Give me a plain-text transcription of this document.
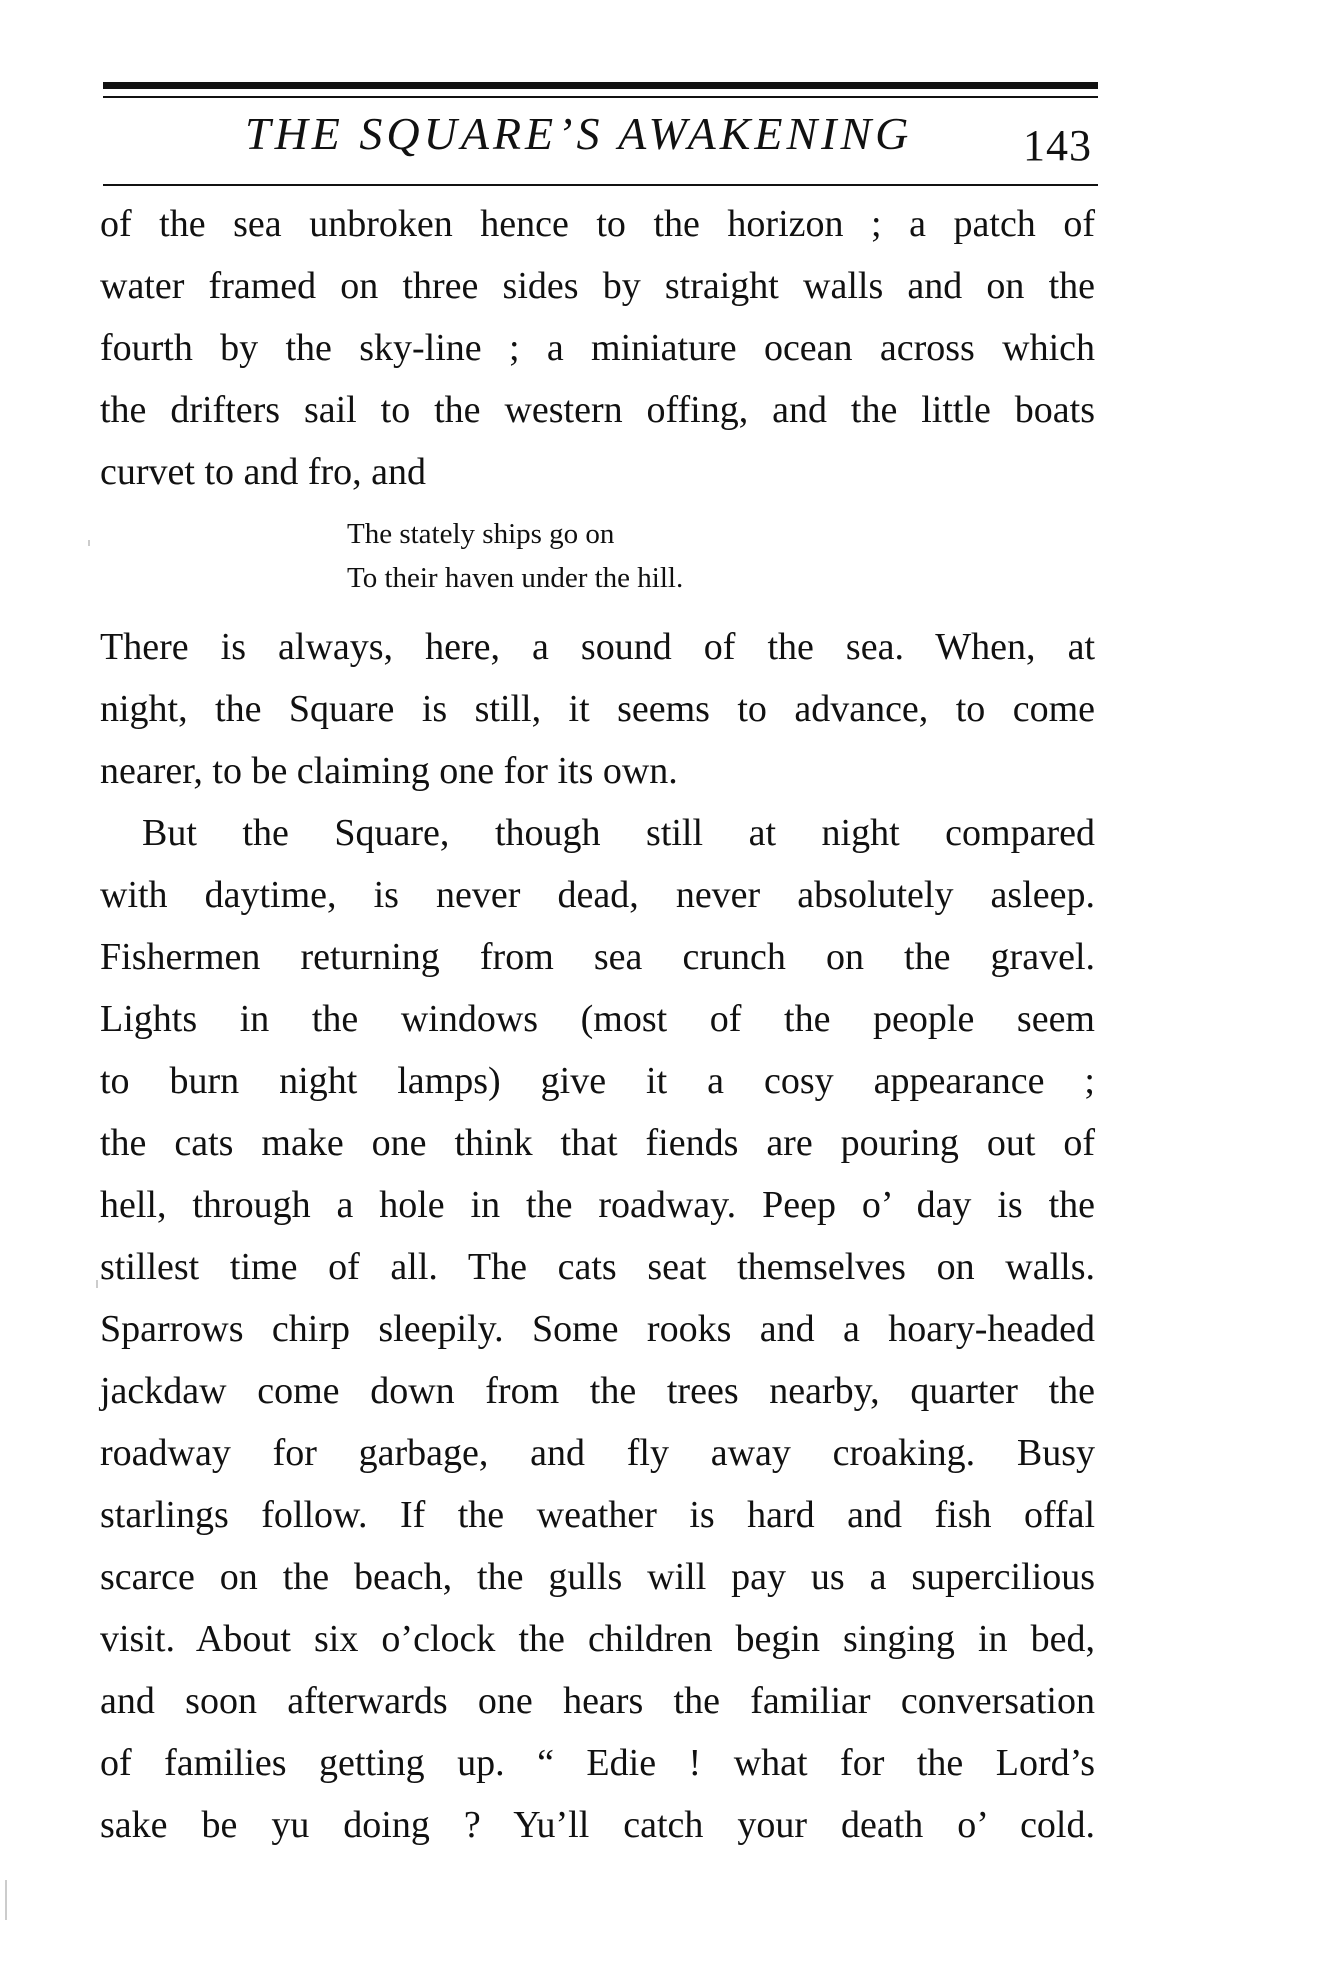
THE SQUARE’S AWAKENING	143
of the sea unbroken hence to the horizon ; a patch of
water framed on three sides by straight walls and on the
fourth by the sky-line ; a miniature ocean across which
the drifters sail to the western offing, and the little boats
curvet to and fro, and
The stately ships go on
To their haven under the hill.
There is always, here, a sound of the sea. When, at
night, the Square is still, it seems to advance, to come
nearer, to be claiming one for its own.
But the Square, though still at night compared
with daytime, is never dead, never absolutely asleep.
Fishermen returning from sea crunch on the gravel.
Lights in the windows (most of the people seem
to burn night lamps) give it a cosy appearance ;
the cats make one think that fiends are pouring out of
hell, through a hole in the roadway. Peep o’ day is the
stillest time of all. The cats seat themselves on walls.
Sparrows chirp sleepily. Some rooks and a hoary-headed
jackdaw come down from the trees nearby, quarter the
roadway for garbage, and fly away croaking. Busy
starlings follow. If the weather is hard and fish offal
scarce on the beach, the gulls will pay us a supercilious
visit. About six o’clock the children begin singing in bed,
and soon afterwards one hears the familiar conversation
of families getting up. “ Edie ! what for the Lord’s
sake be yu doing ? Yu’ll catch your death o’ cold.
